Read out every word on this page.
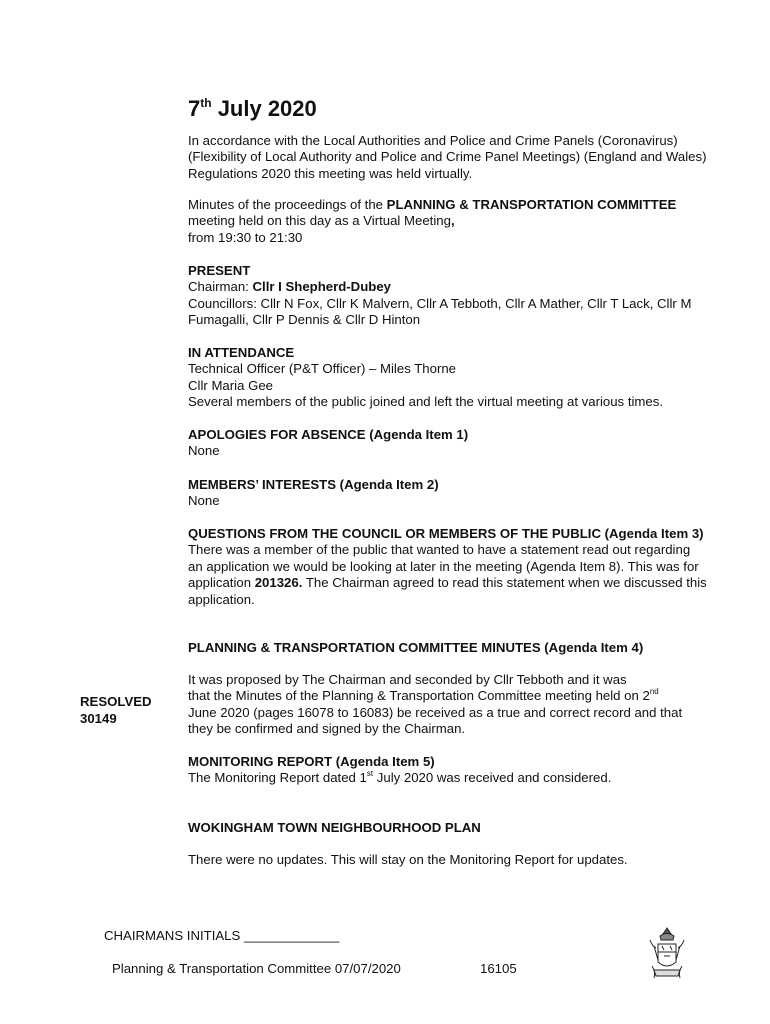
7th July 2020

In accordance with the Local Authorities and Police and Crime Panels (Coronavirus) (Flexibility of Local Authority and Police and Crime Panel Meetings) (England and Wales) Regulations 2020 this meeting was held virtually.

Minutes of the proceedings of the PLANNING & TRANSPORTATION COMMITTEE meeting held on this day as a Virtual Meeting,
from 19:30 to 21:30

PRESENT

Chairman: Cllr I Shepherd-Dubey

Councillors: Cllr N Fox, Cllr K Malvern, Cllr A Tebboth, Cllr A Mather, Cllr T Lack, Cllr M Fumagalli, Cllr P Dennis & Cllr D Hinton

IN ATTENDANCE

Technical Officer (P&T Officer) – Miles Thorne

Cllr Maria Gee

Several members of the public joined and left the virtual meeting at various times.

APOLOGIES FOR ABSENCE (Agenda Item 1)

None

MEMBERS’ INTERESTS (Agenda Item 2)

None

QUESTIONS FROM THE COUNCIL OR MEMBERS OF THE PUBLIC (Agenda Item 3)

There was a member of the public that wanted to have a statement read out regarding an application we would be looking at later in the meeting (Agenda Item 8). This was for application 201326. The Chairman agreed to read this statement when we discussed this application.

PLANNING & TRANSPORTATION COMMITTEE MINUTES (Agenda Item 4)

It was proposed by The Chairman and seconded by Cllr Tebboth and it was

that the Minutes of the Planning & Transportation Committee meeting held on 2nd

June 2020 (pages 16078 to 16083) be received as a true and correct record and that they be confirmed and signed by the Chairman.

RESOLVED
30149

MONITORING REPORT (Agenda Item 5)

The Monitoring Report dated 1st July 2020 was received and considered.

WOKINGHAM TOWN NEIGHBOURHOOD PLAN

There were no updates. This will stay on the Monitoring Report for updates.

CHAIRMANS INITIALS _____________
Planning & Transportation Committee 07/07/2020	16105
